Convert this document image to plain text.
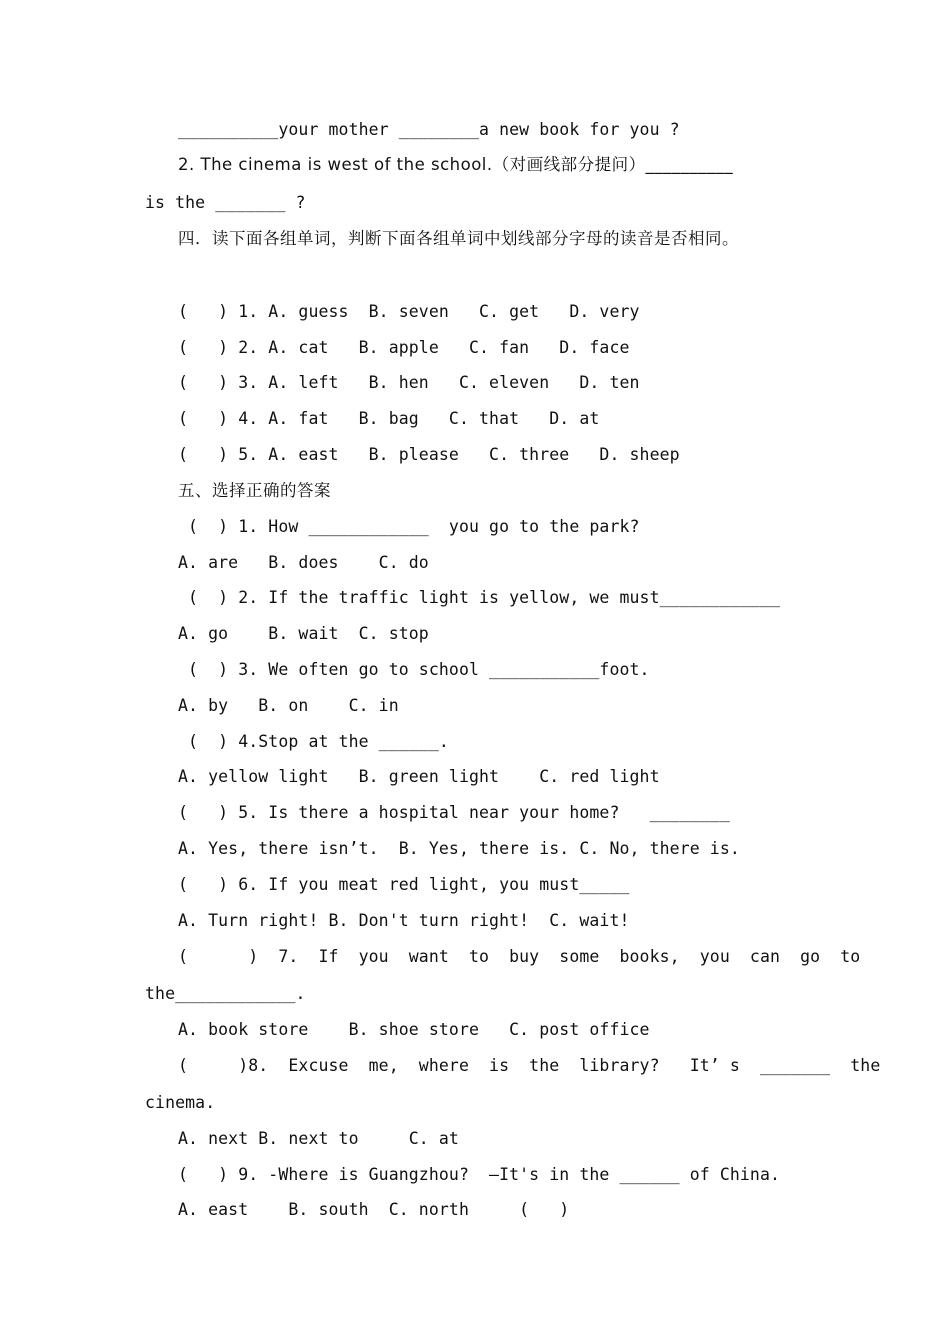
__________your mother ________a new book for you ?
2. The cinema is west of the school.（对画线部分提问）__________
is the _______ ?
四．读下面各组单词，判断下面各组单词中划线部分字母的读音是否相同。
(   ) 1. A. guess  B. seven   C. get   D. very
(   ) 2. A. cat   B. apple   C. fan   D. face
(   ) 3. A. left   B. hen   C. eleven   D. ten
(   ) 4. A. fat   B. bag   C. that   D. at
(   ) 5. A. east   B. please   C. three   D. sheep
五、选择正确的答案
(  ) 1. How ____________  you go to the park?
A. are   B. does    C. do
(  ) 2. If the traffic light is yellow, we must____________
A. go    B. wait  C. stop
(  ) 3. We often go to school ___________foot.
A. by   B. on    C. in
(  ) 4.Stop at the ______.
A. yellow light   B. green light    C. red light
(   ) 5. Is there a hospital near your home?   ________
A. Yes, there isn’t.  B. Yes, there is. C. No, there is.
(   ) 6. If you meat red light, you must_____
A. Turn right! B. Don't turn right!  C. wait!
(      )  7.  If  you  want  to  buy  some  books,  you  can  go  to
the____________.
A. book store    B. shoe store   C. post office
(     )8.  Excuse  me,  where  is  the  library?   It’ s  _______  the
cinema.
A. next B. next to     C. at
(   ) 9. -Where is Guangzhou?  —It's in the ______ of China.
A. east    B. south  C. north     (   )
